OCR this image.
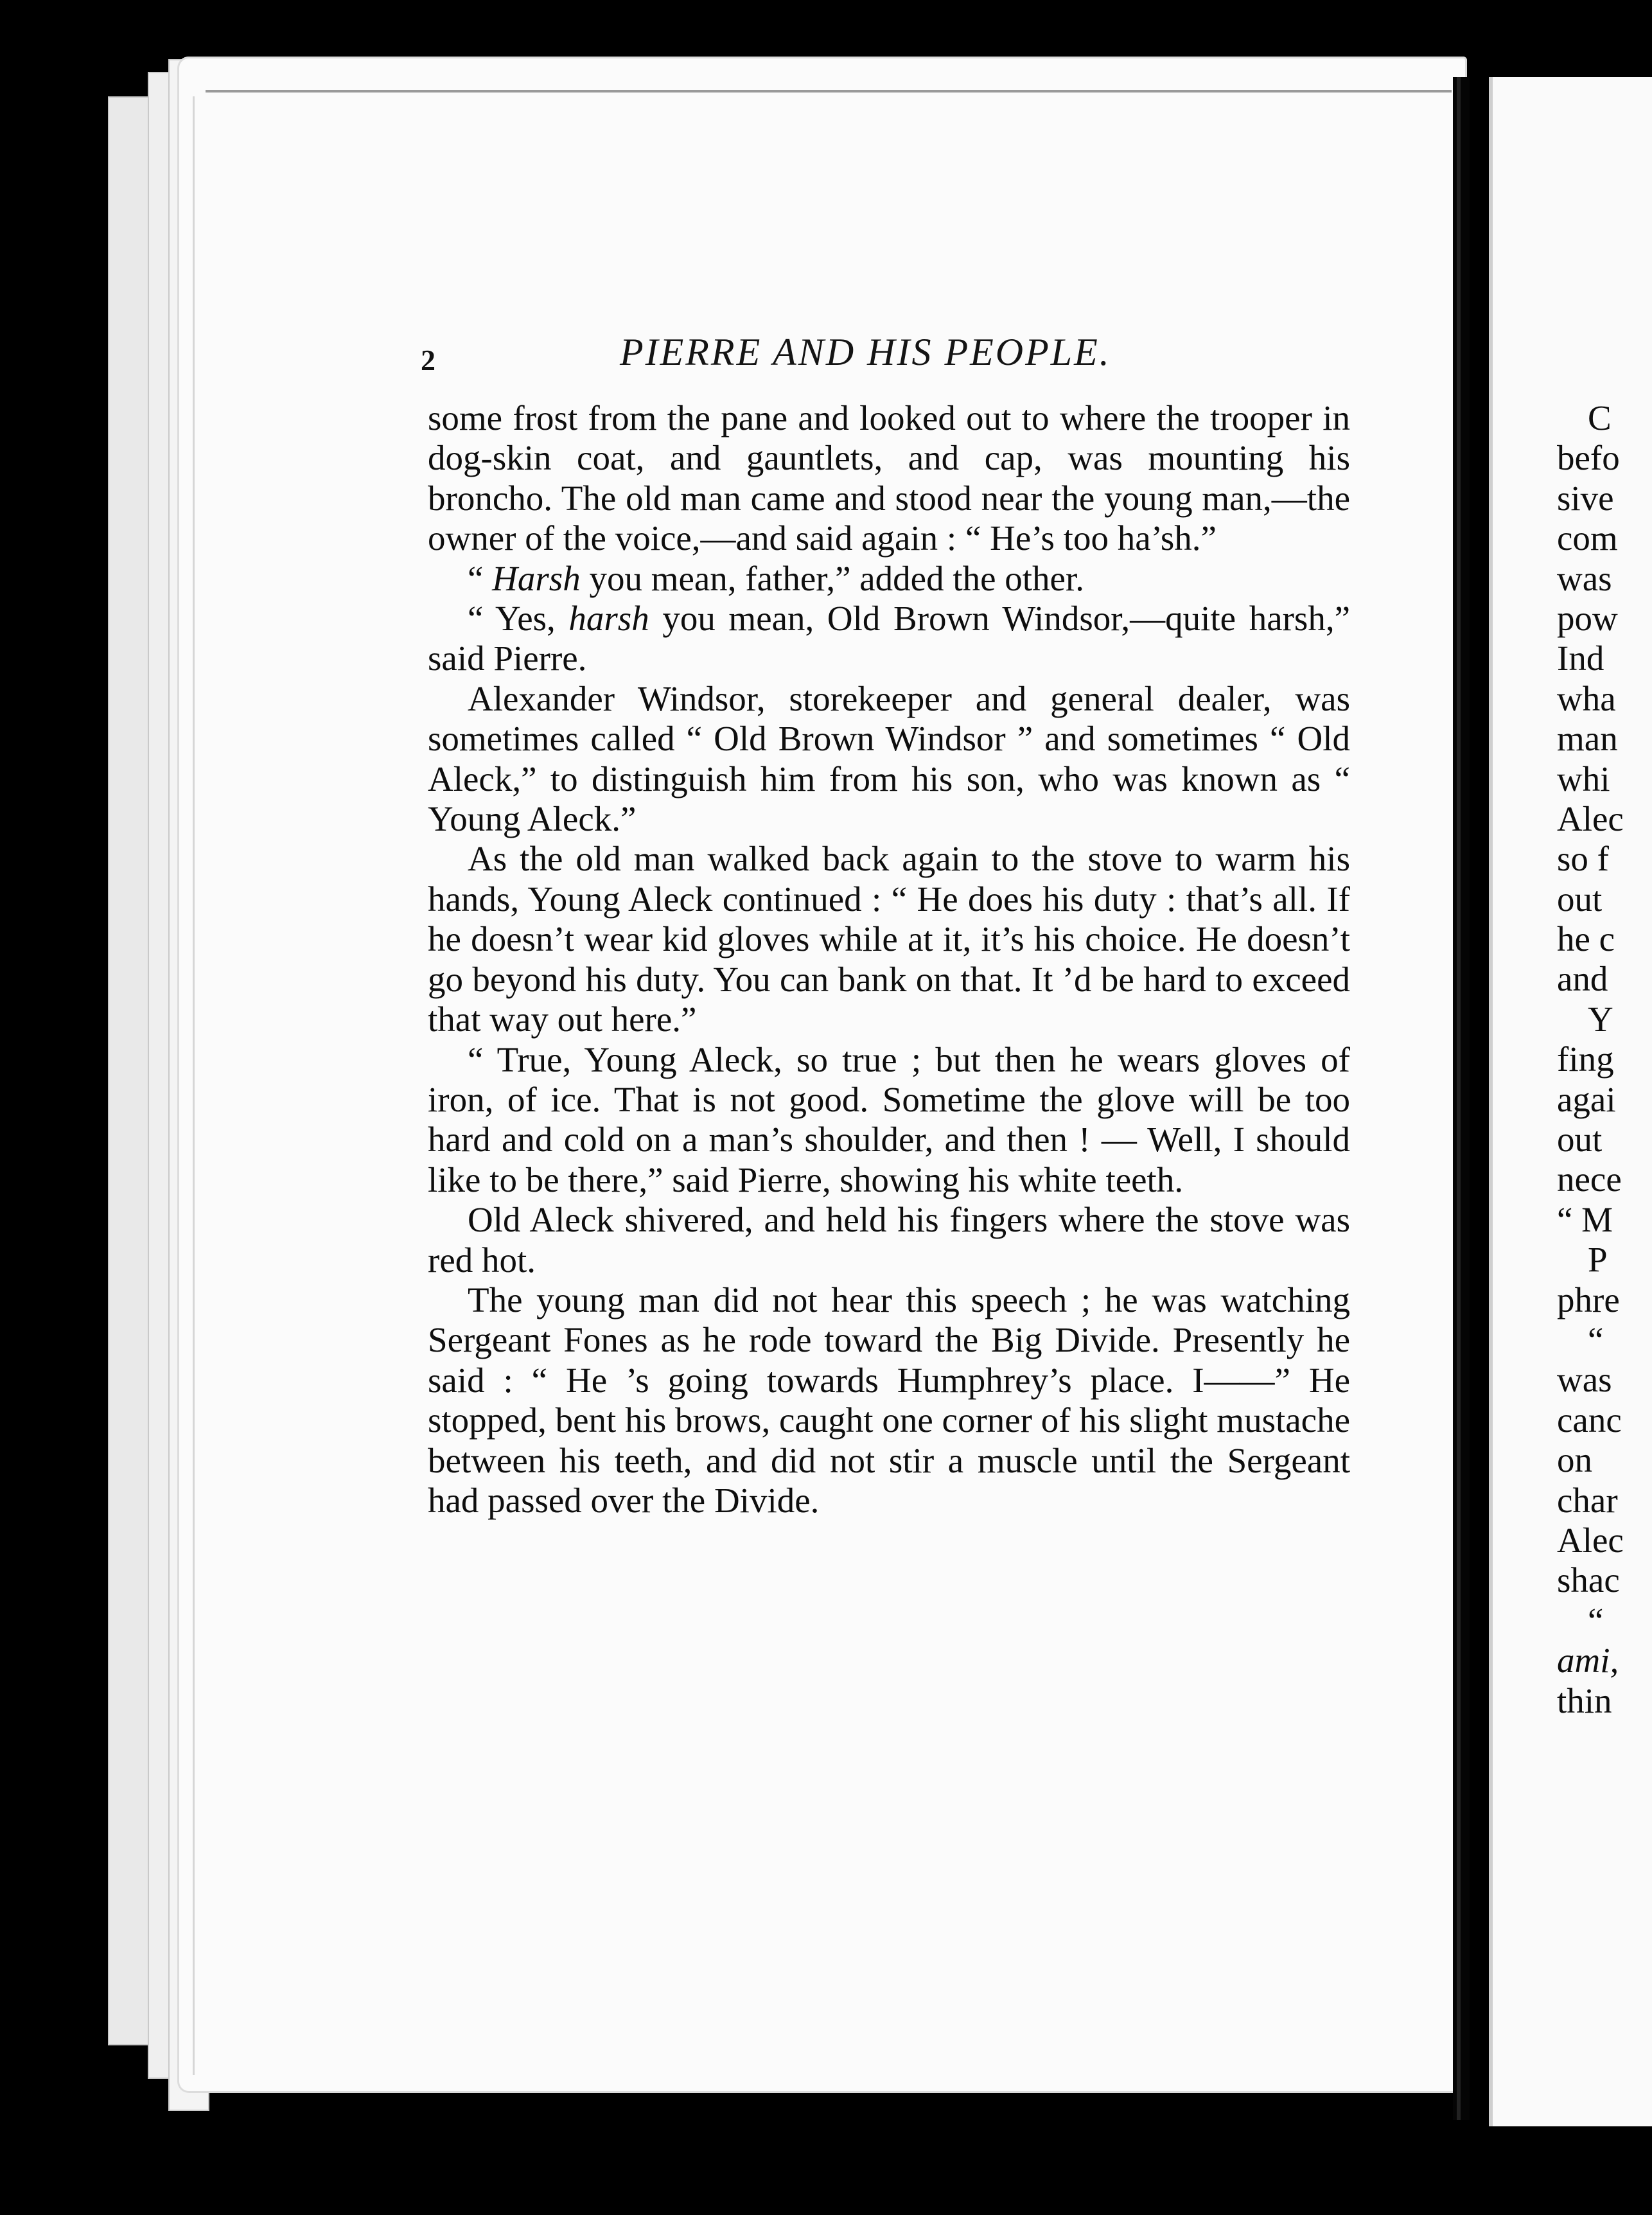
2	PIERRE AND HIS PEOPLE.

some frost from the pane and looked out to where the trooper in dog-skin coat, and gauntlets, and cap, was mounting his broncho. The old man came and stood near the young man,—the owner of the voice,—and said again : “ He’s too ha’sh.”

“ Harsh you mean, father,” added the other.

“ Yes, harsh you mean, Old Brown Windsor,—quite harsh,” said Pierre.

Alexander Windsor, storekeeper and general dealer, was sometimes called “ Old Brown Windsor ” and sometimes “ Old Aleck,” to distinguish him from his son, who was known as “ Young Aleck.”

As the old man walked back again to the stove to warm his hands, Young Aleck continued : “ He does his duty : that’s all. If he doesn’t wear kid gloves while at it, it’s his choice. He doesn’t go beyond his duty. You can bank on that. It ’d be hard to exceed that way out here.”

“ True, Young Aleck, so true ; but then he wears gloves of iron, of ice. That is not good. Sometime the glove will be too hard and cold on a man’s shoulder, and then ! — Well, I should like to be there,” said Pierre, showing his white teeth.

Old Aleck shivered, and held his fingers where the stove was red hot.

The young man did not hear this speech ; he was watching Sergeant Fones as he rode toward the Big Divide. Presently he said : “ He ’s going towards Humphrey’s place. I——” He stopped, bent his brows, caught one corner of his slight mustache between his teeth, and did not stir a muscle until the Sergeant had passed over the Divide.

C
befo
sive
com
was
pow
Ind
wha
man
whi
Alec
so f
out
he c
and
Y
fing
agai
out
nece
“ M
P
phre
“
was
canc
on
char
Alec
shac
“
ami,
thin
